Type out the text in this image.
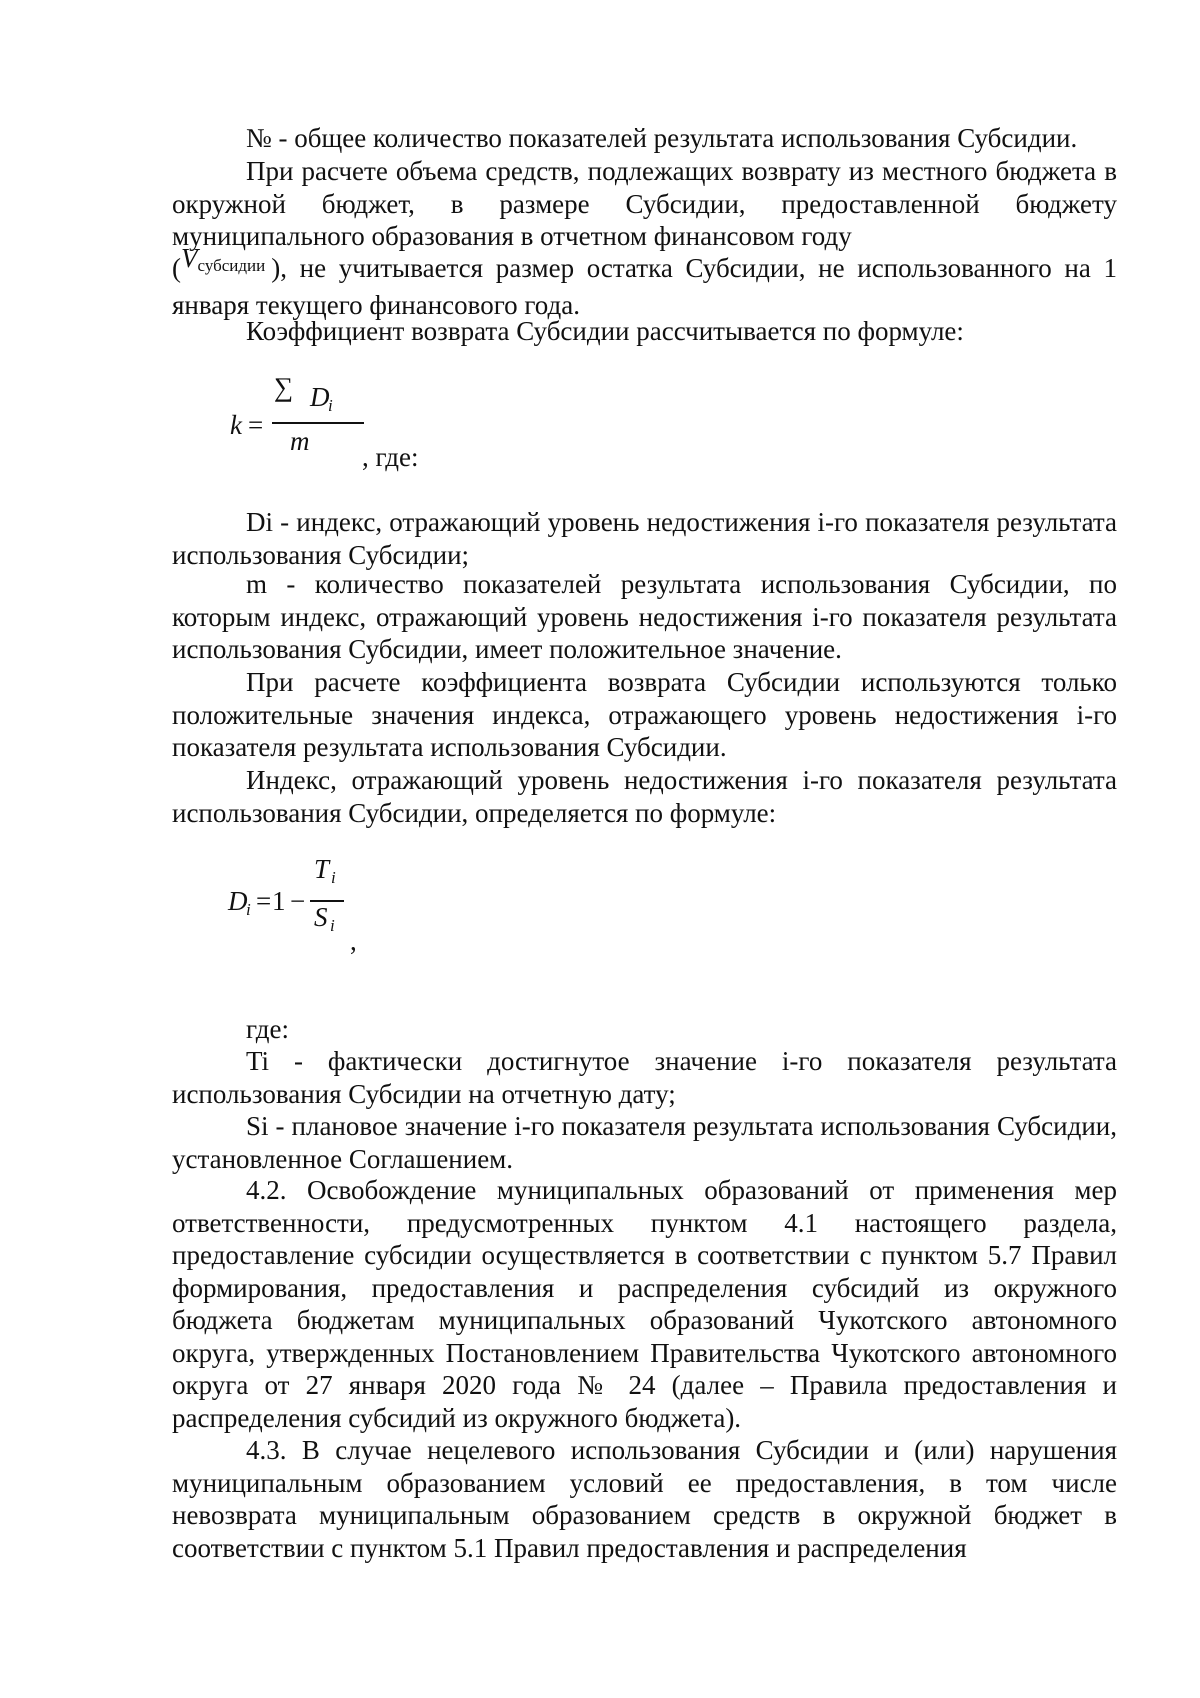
№ - общее количество показателей результата использования Субсидии.

При расчете объема средств, подлежащих возврату из местного бюджета в окружной бюджет, в размере Субсидии, предоставленной бюджету муниципального образования в отчетном финансовом году

($V^{субсидии}$ ), не учитывается размер остатка Субсидии, не использованного на 1 января текущего финансового года.

Коэффициент возврата Субсидии рассчитывается по формуле:

k =
∑ D
i
m
, где:

Di - индекс, отражающий уровень недостижения i-го показателя результата использования Субсидии;

m - количество показателей результата использования Субсидии, по которым индекс, отражающий уровень недостижения i-го показателя результата использования Субсидии, имеет положительное значение.

При расчете коэффициента возврата Субсидии используются только положительные значения индекса, отражающего уровень недостижения i-го показателя результата использования Субсидии.

Индекс, отражающий уровень недостижения i-го показателя результата использования Субсидии, определяется по формуле:

D
i = 1 −
T i
S i
,

где:

Ti - фактически достигнутое значение i-го показателя результата использования Субсидии на отчетную дату;

Si - плановое значение i-го показателя результата использования Субсидии, установленное Соглашением.

4.2. Освобождение муниципальных образований от применения мер ответственности, предусмотренных пунктом 4.1 настоящего раздела, предоставление субсидии осуществляется в соответствии с пунктом 5.7 Правил формирования, предоставления и распределения субсидий из окружного бюджета бюджетам муниципальных образований Чукотского автономного округа, утвержденных Постановлением Правительства Чукотского автономного округа от 27 января 2020 года № 24 (далее – Правила предоставления и распределения субсидий из окружного бюджета).

4.3. В случае нецелевого использования Субсидии и (или) нарушения муниципальным образованием условий ее предоставления, в том числе невозврата муниципальным образованием средств в окружной бюджет в соответствии с пунктом 5.1 Правил предоставления и распределения
